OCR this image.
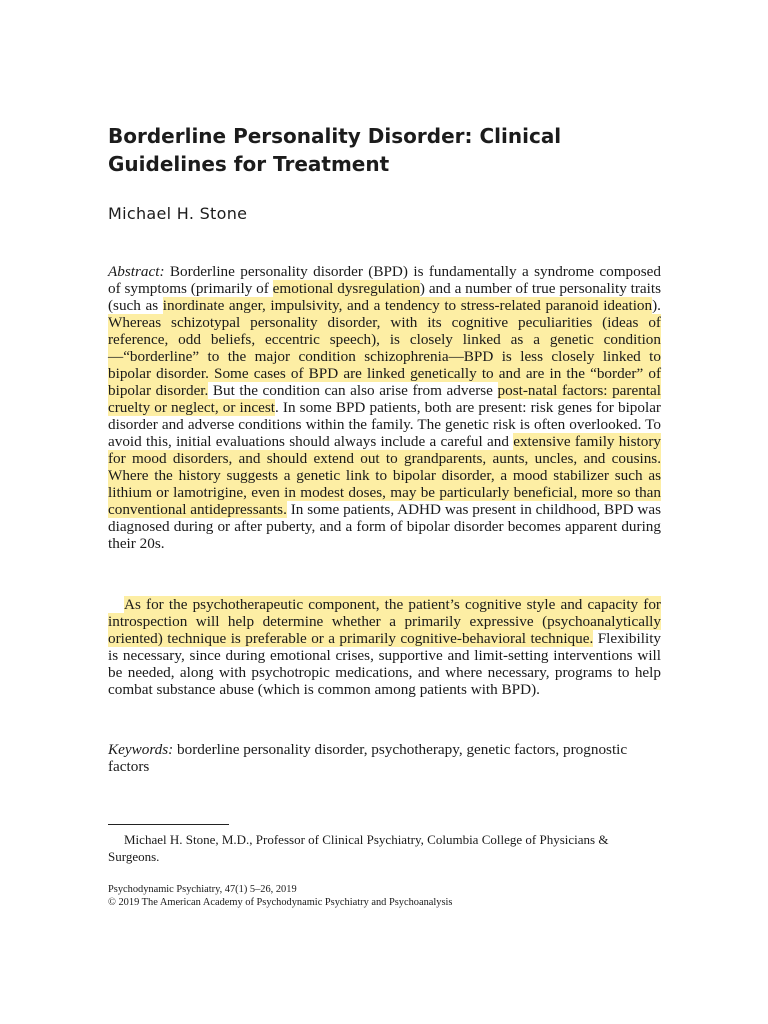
Borderline Personality Disorder: Clinical Guidelines for Treatment
Michael H. Stone

Abstract: Borderline personality disorder (BPD) is fundamentally a syndrome composed of symptoms (primarily of emotional dysregulation) and a number of true personality traits (such as inordinate anger, impulsivity, and a tendency to stress-related paranoid ideation). Whereas schizotypal personality disorder, with its cognitive peculiarities (ideas of reference, odd beliefs, eccentric speech), is closely linked as a genetic condition—“borderline” to the major condition schizophrenia—BPD is less closely linked to bipolar disorder. Some cases of BPD are linked genetically to and are in the “border” of bipolar disorder. But the condition can also arise from adverse post-natal factors: parental cruelty or neglect, or incest. In some BPD patients, both are present: risk genes for bipolar disorder and adverse conditions within the family. The genetic risk is often overlooked. To avoid this, initial evaluations should always include a careful and extensive family history for mood disorders, and should extend out to grandparents, aunts, uncles, and cousins. Where the history suggests a genetic link to bipolar disorder, a mood stabilizer such as lithium or lamotrigine, even in modest doses, may be particularly beneficial, more so than conventional antidepressants. In some patients, ADHD was present in childhood, BPD was diagnosed during or after puberty, and a form of bipolar disorder becomes apparent during their 20s.

As for the psychotherapeutic component, the patient’s cognitive style and capacity for introspection will help determine whether a primarily expressive (psychoanalytically oriented) technique is preferable or a primarily cognitive-behavioral technique. Flexibility is necessary, since during emotional crises, supportive and limit-setting interventions will be needed, along with psychotropic medications, and where necessary, programs to help combat substance abuse (which is common among patients with BPD).

Keywords: borderline personality disorder, psychotherapy, genetic factors, prognostic factors

Michael H. Stone, M.D., Professor of Clinical Psychiatry, Columbia College of Physicians & Surgeons.
Psychodynamic Psychiatry, 47(1) 5–26, 2019
© 2019 The American Academy of Psychodynamic Psychiatry and Psychoanalysis
